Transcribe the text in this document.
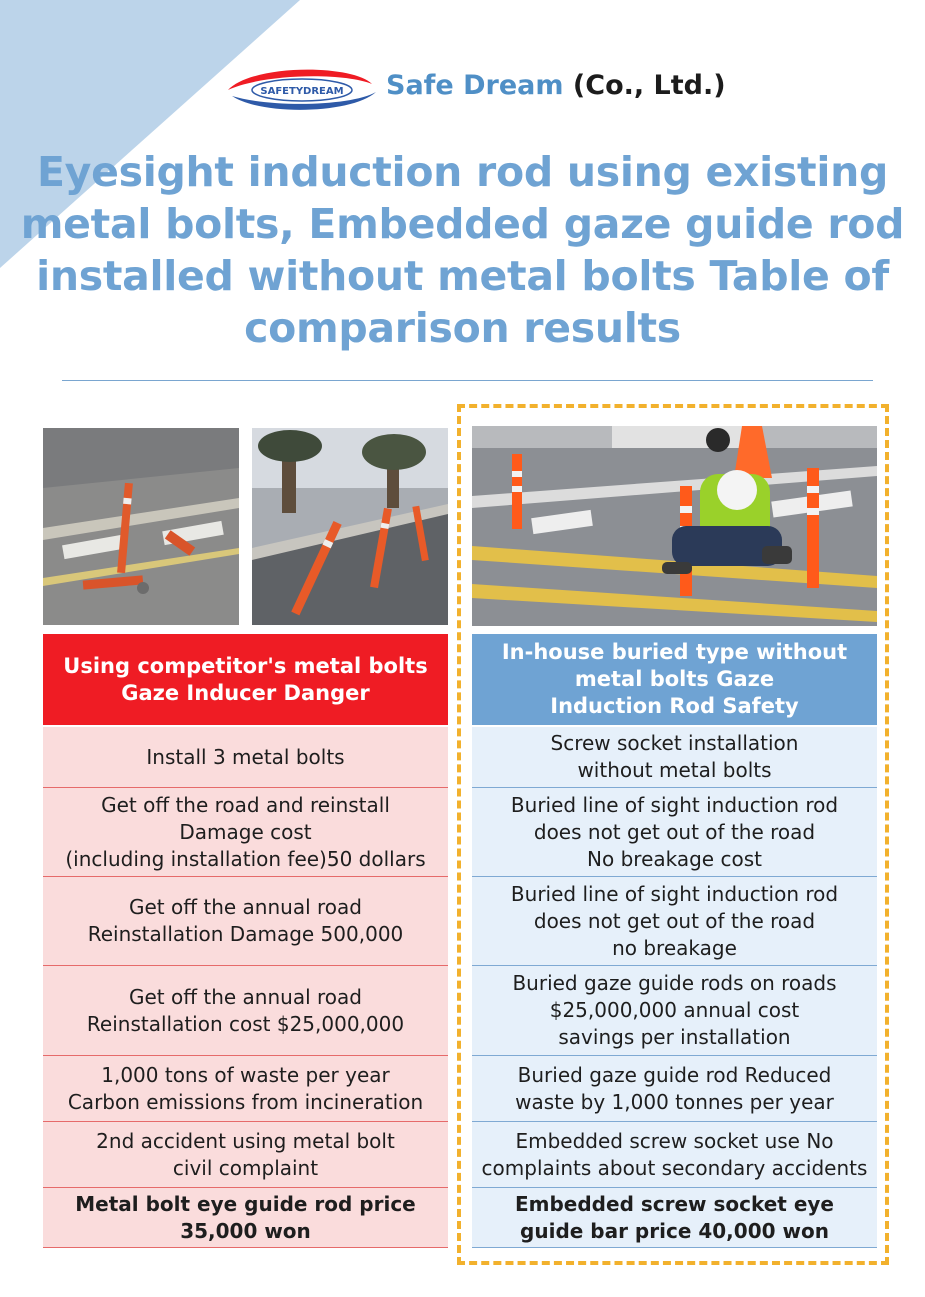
SAFETYDREAM Safe Dream (Co., Ltd.)
Eyesight induction rod using existing metal bolts, Embedded gaze guide rod installed without metal bolts Table of comparison results
Using competitor's metal bolts
Gaze Inducer Danger
In-house buried type without
metal bolts Gaze
Induction Rod Safety
Install 3 metal bolts
Get off the road and reinstall
Damage cost
(including installation fee)50 dollars
Get off the annual road
Reinstallation Damage 500,000
Get off the annual road
Reinstallation cost $25,000,000
1,000 tons of waste per year
Carbon emissions from incineration
2nd accident using metal bolt
civil complaint
Metal bolt eye guide rod price
35,000 won
Screw socket installation
without metal bolts
Buried line of sight induction rod
does not get out of the road
No breakage cost
Buried line of sight induction rod
does not get out of the road
no breakage
Buried gaze guide rods on roads
$25,000,000 annual cost
savings per installation
Buried gaze guide rod Reduced
waste by 1,000 tonnes per year
Embedded screw socket use No
complaints about secondary accidents
Embedded screw socket eye
guide bar price 40,000 won
